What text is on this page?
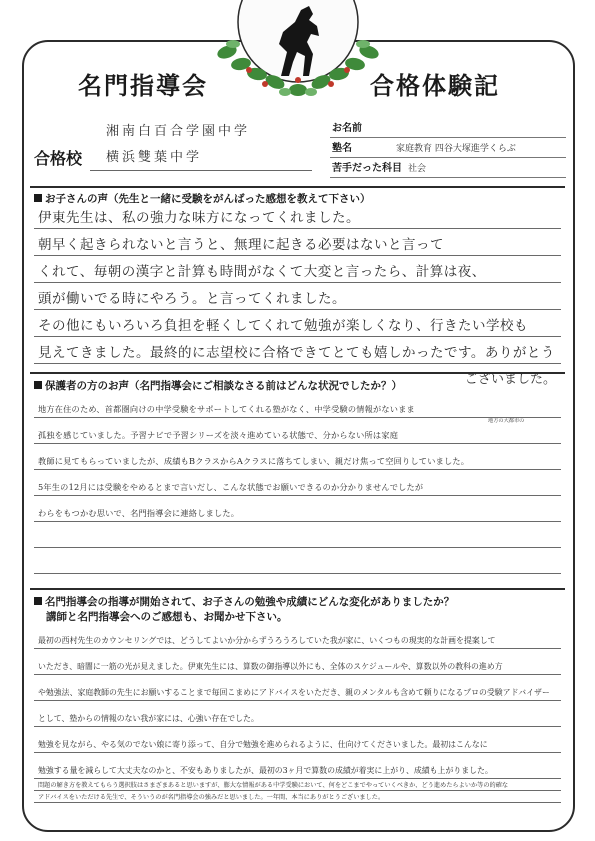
名門指導会	合格体験記
湘南白百合学園中学
合格校 横浜雙葉中学
お名前
塾名	家庭教育 四谷大塚進学くらぶ
苦手だった科目 社会
お子さんの声（先生と一緒に受験をがんばった感想を教えて下さい）
伊東先生は、私の強力な味方になってくれました。
朝早く起きられないと言うと、無理に起きる必要はないと言って
くれて、毎朝の漢字と計算も時間がなくて大変と言ったら、計算は夜、
頭が働いでる時にやろう。と言ってくれました。
その他にもいろいろ負担を軽くしてくれて勉強が楽しくなり、行きたい学校も
見えてきました。最終的に志望校に合格できてとても嬉しかったです。ありがとう
ございました。
保護者の方のお声（名門指導会にご相談なさる前はどんな状況でしたか？）
地方の大都市の
地方在住のため、首都圏向けの中学受験をサポートしてくれる塾がなく、中学受験の情報がないまま
孤独を感じていました。予習ナビで予習シリーズを淡々進めている状態で、分からない所は家庭
教師に見てもらっていましたが、成績もBクラスからAクラスに落ちてしまい、親だけ焦って空回りしていました。
5年生の12月には受験をやめるとまで言いだし、こんな状態でお願いできるのか分かりませんでしたが
わらをもつかむ思いで、名門指導会に連絡しました。
名門指導会の指導が開始されて、お子さんの勉強や成績にどんな変化がありましたか？
講師と名門指導会へのご感想も、お聞かせ下さい。
最初の西村先生のカウンセリングでは、どうしてよいか分からずうろうろしていた我が家に、いくつもの現実的な計画を提案して
いただき、暗闇に一筋の光が見えました。伊東先生には、算数の御指導以外にも、全体のスケジュールや、算数以外の教科の進め方
や勉強法、家庭教師の先生にお願いすることまで毎回こまめにアドバイスをいただき、親のメンタルも含めて頼りになるプロの受験アドバイザー
として、塾からの情報のない我が家には、心強い存在でした。
勉強を見ながら、やる気のでない娘に寄り添って、自分で勉強を進められるように、仕向けてくださいました。最初はこんなに
勉強する量を減らして大丈夫なのかと、不安もありましたが、最初の3ヶ月で算数の成績が着実に上がり、成績も上がりました。
問題の解き方を教えてもらう選択肢はさまざまあると思いますが、膨大な情報がある中学受験において、何をどこまでやっていくべきか、どう進めたらよいか等の的確な
アドバイスをいただける先生で、そういうのが名門指導会の強みだと思いました。一年間、本当にありがとうございました。
